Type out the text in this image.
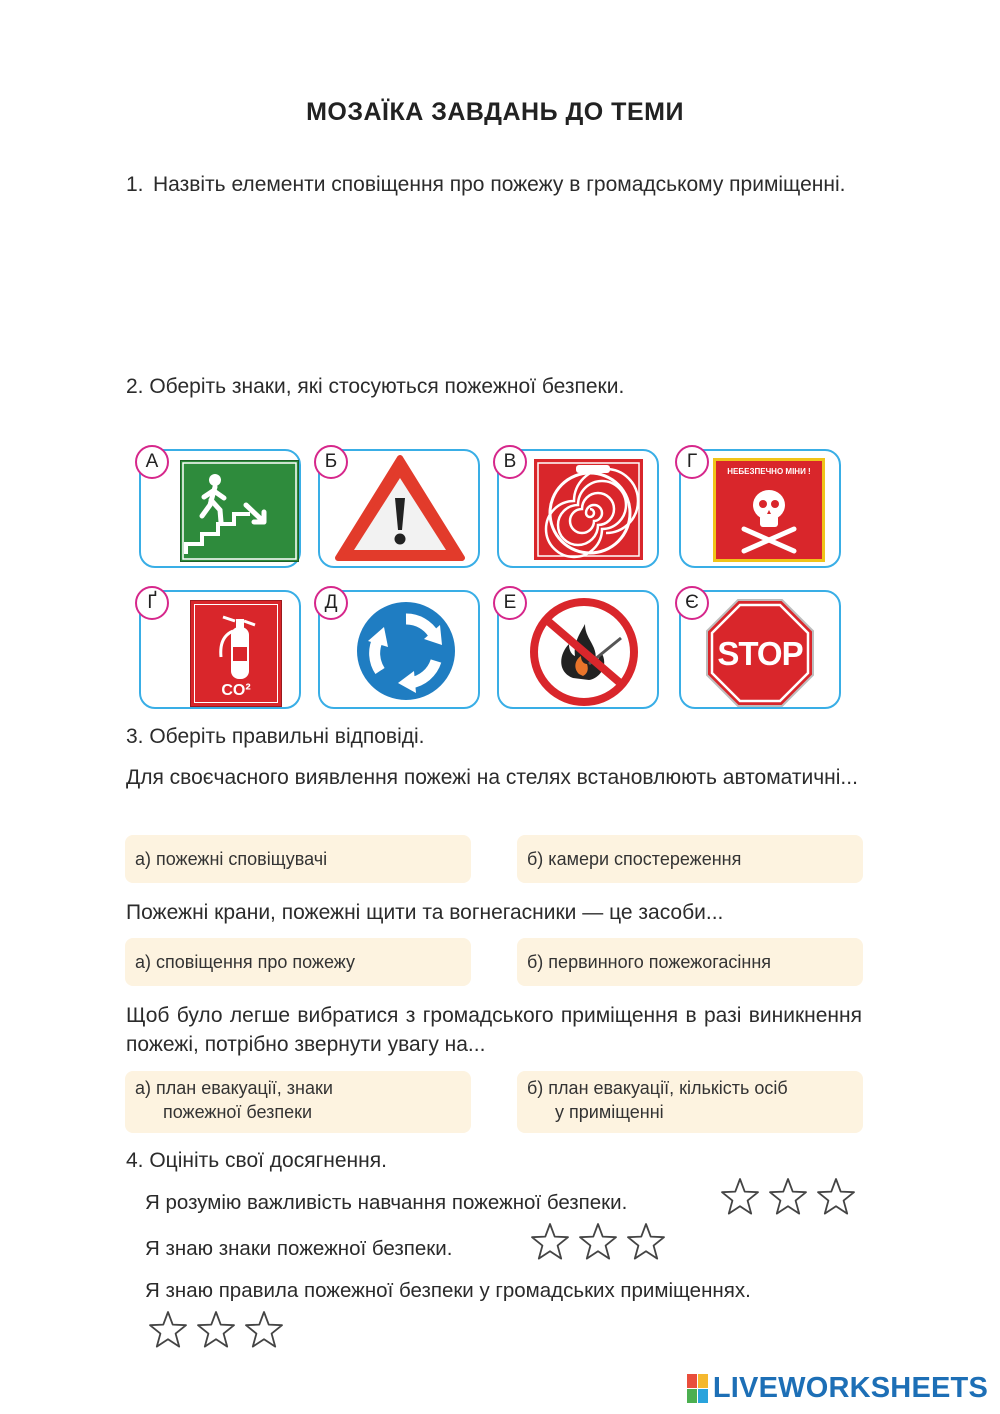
МОЗАЇКА ЗАВДАНЬ ДО ТЕМИ
1. Назвіть елементи сповіщення про пожежу в громадському приміщенні.
2. Оберіть знаки, які стосуються пожежної безпеки.
А	Б	В	НЕБЕЗПЕЧНО МІНИ !
Г
CO²
Ґ	Д	Е
STOP
Є
3. Оберіть правильні відповіді.
Для своєчасного виявлення пожежі на стелях встановлюють автоматичні...
а) пожежні сповіщувачі	б) камери спостереження
Пожежні крани, пожежні щити та вогнегасники — це засоби...
а) сповіщення про пожежу	б) первинного пожежогасіння
Щоб було легше вибратися з громадського приміщення в разі виникнення пожежі, потрібно звернути увагу на...
а) план евакуації, знаки
пожежної безпеки
б) план евакуації, кількість осіб
у приміщенні
4. Оцініть свої досягнення.
Я розумію важливість навчання пожежної безпеки.
Я знаю знаки пожежної безпеки.
Я знаю правила пожежної безпеки у громадських приміщеннях.
LIVEWORKSHEETS
